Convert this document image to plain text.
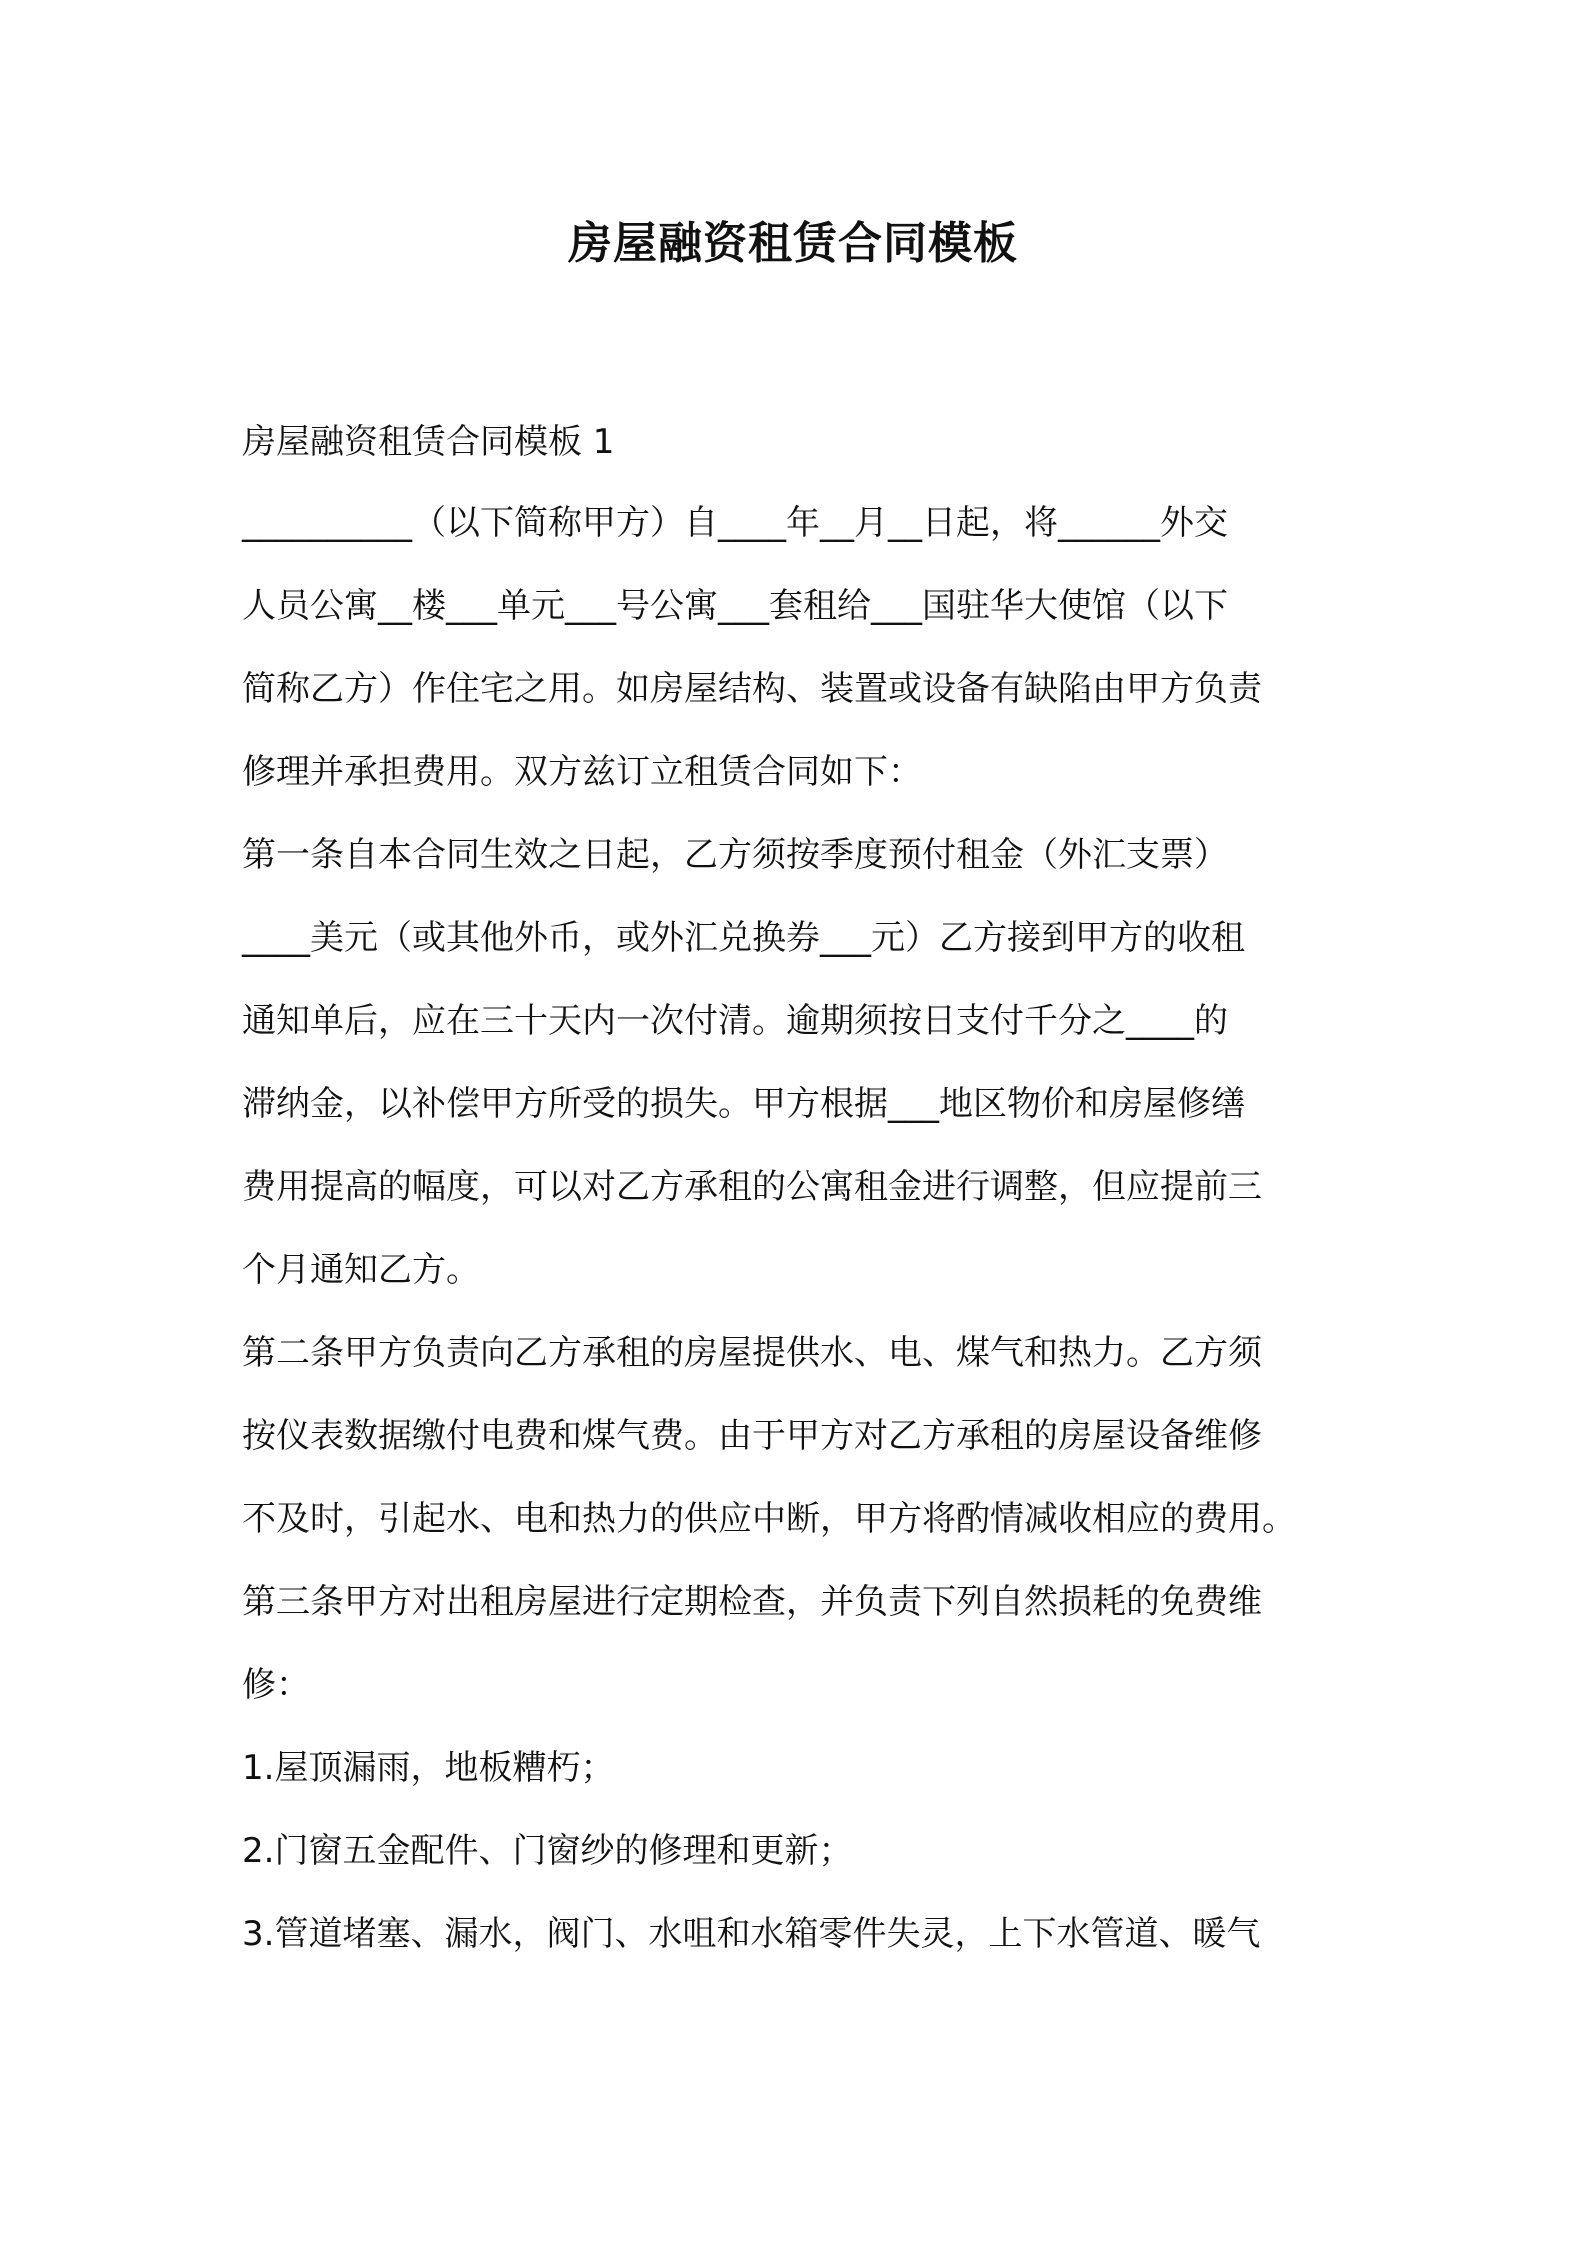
房屋融资租赁合同模板
房屋融资租赁合同模板 1
__________（以下简称甲方）自____年__月__日起，将______外交
人员公寓__楼___单元___号公寓___套租给___国驻华大使馆（以下
简称乙方）作住宅之用。如房屋结构、装置或设备有缺陷由甲方负责
修理并承担费用。双方兹订立租赁合同如下：
第一条自本合同生效之日起，乙方须按季度预付租金（外汇支票）
____美元（或其他外币，或外汇兑换券___元）乙方接到甲方的收租
通知单后，应在三十天内一次付清。逾期须按日支付千分之____的
滞纳金，以补偿甲方所受的损失。甲方根据___地区物价和房屋修缮
费用提高的幅度，可以对乙方承租的公寓租金进行调整，但应提前三
个月通知乙方。
第二条甲方负责向乙方承租的房屋提供水、电、煤气和热力。乙方须
按仪表数据缴付电费和煤气费。由于甲方对乙方承租的房屋设备维修
不及时，引起水、电和热力的供应中断，甲方将酌情减收相应的费用。
第三条甲方对出租房屋进行定期检查，并负责下列自然损耗的免费维
修：
1.屋顶漏雨，地板糟朽；
2.门窗五金配件、门窗纱的修理和更新；
3.管道堵塞、漏水，阀门、水咀和水箱零件失灵，上下水管道、暖气
